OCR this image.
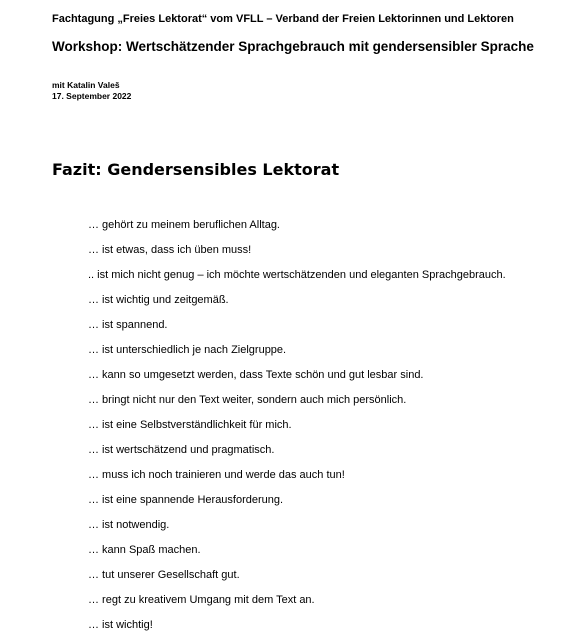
Fachtagung „Freies Lektorat“ vom VFLL – Verband der Freien Lektorinnen und Lektoren
Workshop: Wertschätzender Sprachgebrauch mit gendersensibler Sprache
mit Katalin Valeš
17. September 2022
Fazit: Gendersensibles Lektorat
… gehört zu meinem beruflichen Alltag.
… ist etwas, dass ich üben muss!
.. ist mich nicht genug – ich möchte wertschätzenden und eleganten Sprachgebrauch.
… ist wichtig und zeitgemäß.
… ist spannend.
… ist unterschiedlich je nach Zielgruppe.
… kann so umgesetzt werden, dass Texte schön und gut lesbar sind.
… bringt nicht nur den Text weiter, sondern auch mich persönlich.
… ist eine Selbstverständlichkeit für mich.
… ist wertschätzend und pragmatisch.
… muss ich noch trainieren und werde das auch tun!
… ist eine spannende Herausforderung.
… ist notwendig.
… kann Spaß machen.
… tut unserer Gesellschaft gut.
… regt zu kreativem Umgang mit dem Text an.
… ist wichtig!
